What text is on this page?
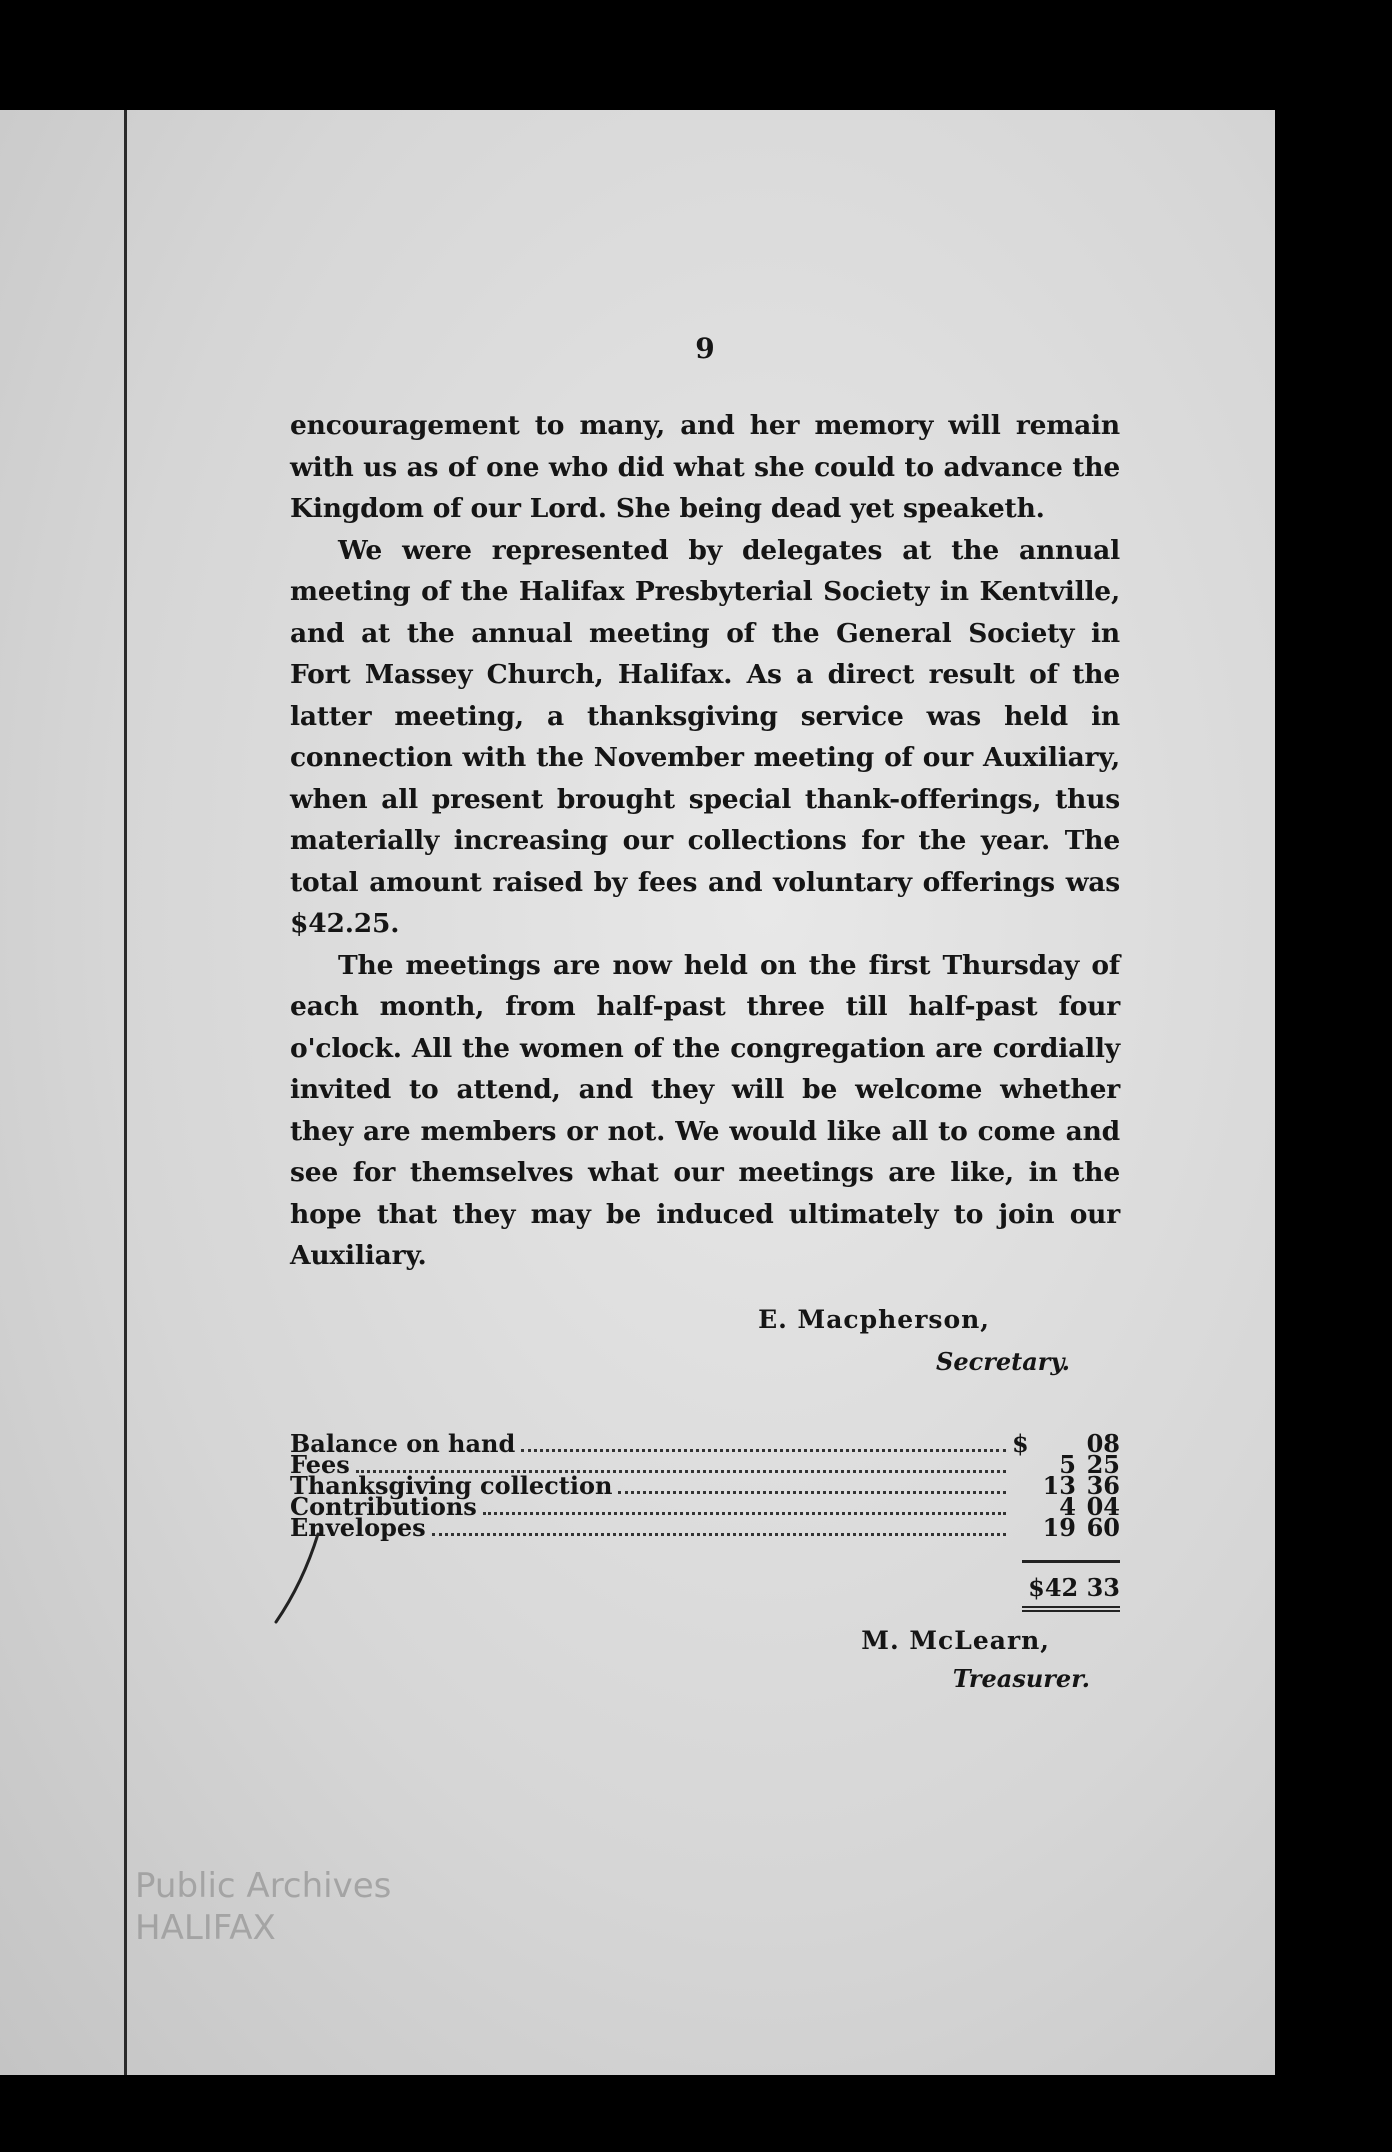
9

encouragement to many, and her memory will remain with us as of one who did what she could to advance the Kingdom of our Lord. She being dead yet speaketh.

We were represented by delegates at the annual meeting of the Halifax Presbyterial Society in Kentville, and at the annual meeting of the General Society in Fort Massey Church, Halifax. As a direct result of the latter meeting, a thanksgiving service was held in connection with the November meeting of our Auxiliary, when all present brought special thank-offerings, thus materially increasing our collections for the year. The total amount raised by fees and voluntary offerings was $42.25.

The meetings are now held on the first Thursday of each month, from half-past three till half-past four o'clock. All the women of the congregation are cordially invited to attend, and they will be welcome whether they are members or not. We would like all to come and see for themselves what our meetings are like, in the hope that they may be induced ultimately to join our Auxiliary.

E. Macpherson,
Secretary.
Balance on hand	$	08
Fees	5 25
Thanksgiving collection	13 36
Contributions	4 04
Envelopes	19 60
$42 33
M. McLearn,
Treasurer.
Public Archives
HALIFAX
